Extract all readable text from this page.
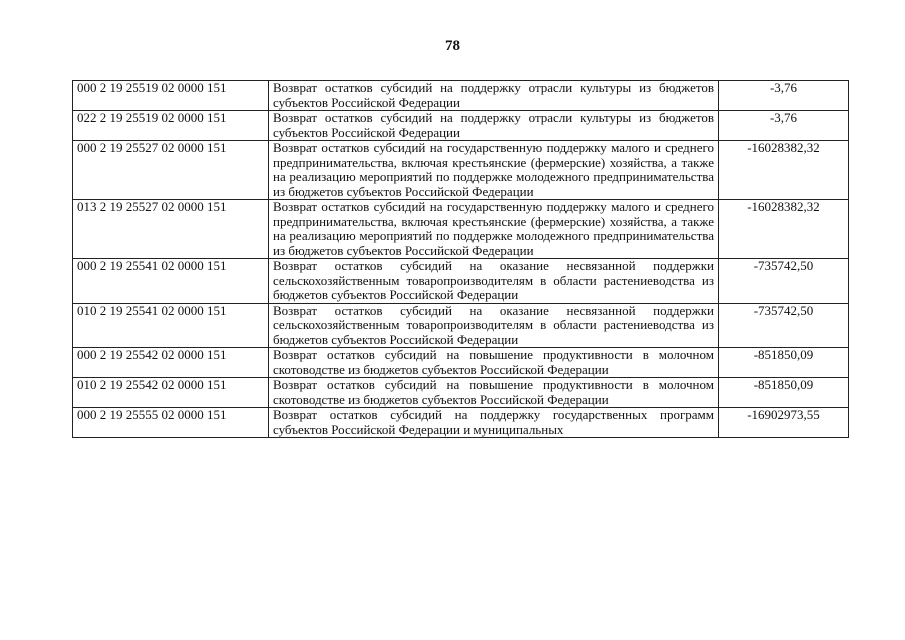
78
000 2 19 25519 02 0000 151	Возврат остатков субсидий на поддержку отрасли культуры из бюджетов субъектов Российской Федерации	-3,76
022 2 19 25519 02 0000 151	Возврат остатков субсидий на поддержку отрасли культуры из бюджетов субъектов Российской Федерации	-3,76
000 2 19 25527 02 0000 151	Возврат остатков субсидий на государственную поддержку малого и среднего предпринимательства, включая крестьянские (фермерские) хозяйства, а также на реализацию мероприятий по поддержке молодежного предпринимательства из бюджетов субъектов Российской Федерации	-16028382,32
013 2 19 25527 02 0000 151	Возврат остатков субсидий на государственную поддержку малого и среднего предпринимательства, включая крестьянские (фермерские) хозяйства, а также на реализацию мероприятий по поддержке молодежного предпринимательства из бюджетов субъектов Российской Федерации	-16028382,32
000 2 19 25541 02 0000 151	Возврат остатков субсидий на оказание несвязанной поддержки сельскохозяйственным товаропроизводителям в области растениеводства из бюджетов субъектов Российской Федерации	-735742,50
010 2 19 25541 02 0000 151	Возврат остатков субсидий на оказание несвязанной поддержки сельскохозяйственным товаропроизводителям в области растениеводства из бюджетов субъектов Российской Федерации	-735742,50
000 2 19 25542 02 0000 151	Возврат остатков субсидий на повышение продуктивности в молочном скотоводстве из бюджетов субъектов Российской Федерации	-851850,09
010 2 19 25542 02 0000 151	Возврат остатков субсидий на повышение продуктивности в молочном скотоводстве из бюджетов субъектов Российской Федерации	-851850,09
000 2 19 25555 02 0000 151	Возврат остатков субсидий на поддержку государственных программ субъектов Российской Федерации и муниципальных	-16902973,55
